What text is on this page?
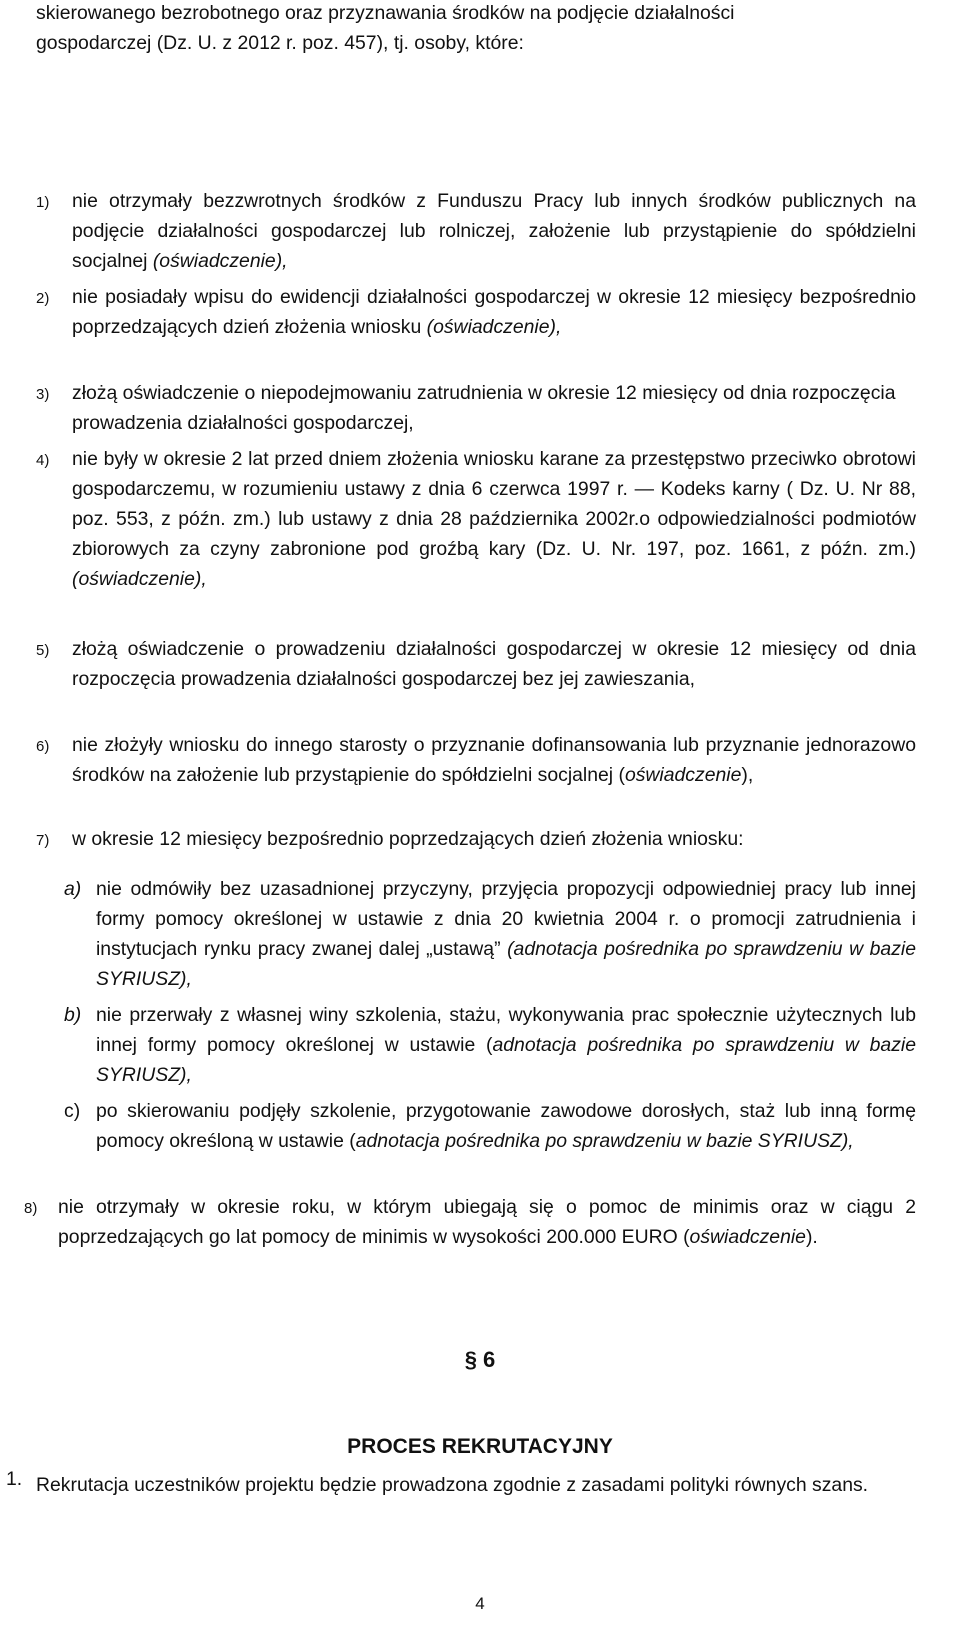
skierowanego bezrobotnego oraz przyznawania środków na podjęcie działalności
gospodarczej (Dz. U. z 2012 r. poz. 457), tj. osoby, które:
1) nie otrzymały bezzwrotnych środków z Funduszu Pracy lub innych środków publicznych na podjęcie działalności gospodarczej lub rolniczej, założenie lub przystąpienie do spółdzielni socjalnej (oświadczenie),
2) nie posiadały wpisu do ewidencji działalności gospodarczej w okresie 12 miesięcy bezpośrednio poprzedzających dzień złożenia wniosku (oświadczenie),
3) złożą oświadczenie o niepodejmowaniu zatrudnienia w okresie 12 miesięcy od dnia rozpoczęcia prowadzenia działalności gospodarczej,
4) nie były w okresie 2 lat przed dniem złożenia wniosku karane za przestępstwo przeciwko obrotowi gospodarczemu, w rozumieniu ustawy z dnia 6 czerwca 1997 r. — Kodeks karny ( Dz. U. Nr 88, poz. 553, z późn. zm.) lub ustawy z dnia 28 października 2002r.o odpowiedzialności podmiotów zbiorowych za czyny zabronione pod groźbą kary (Dz. U. Nr. 197, poz. 1661, z późn. zm.) (oświadczenie),
5) złożą oświadczenie o prowadzeniu działalności gospodarczej w okresie 12 miesięcy od dnia rozpoczęcia prowadzenia działalności gospodarczej bez jej zawieszania,
6) nie złożyły wniosku do innego starosty o przyznanie dofinansowania lub przyznanie jednorazowo środków na założenie lub przystąpienie do spółdzielni socjalnej (oświadczenie),
7) w okresie 12 miesięcy bezpośrednio poprzedzających dzień złożenia wniosku:
a) nie odmówiły bez uzasadnionej przyczyny, przyjęcia propozycji odpowiedniej pracy lub innej formy pomocy określonej w ustawie z dnia 20 kwietnia 2004 r. o promocji zatrudnienia i instytucjach rynku pracy zwanej dalej „ustawą” (adnotacja pośrednika po sprawdzeniu w bazie SYRIUSZ),
b) nie przerwały z własnej winy szkolenia, stażu, wykonywania prac społecznie użytecznych lub innej formy pomocy określonej w ustawie (adnotacja pośrednika po sprawdzeniu w bazie SYRIUSZ),
c) po skierowaniu podjęły szkolenie, przygotowanie zawodowe dorosłych, staż lub inną formę pomocy określoną w ustawie (adnotacja pośrednika po sprawdzeniu w bazie SYRIUSZ),
8) nie otrzymały w okresie roku, w którym ubiegają się o pomoc de minimis oraz w ciągu 2 poprzedzających go lat pomocy de minimis w wysokości 200.000 EURO (oświadczenie).
§ 6
PROCES REKRUTACYJNY
1. Rekrutacja uczestników projektu będzie prowadzona zgodnie z zasadami polityki równych szans.
4
